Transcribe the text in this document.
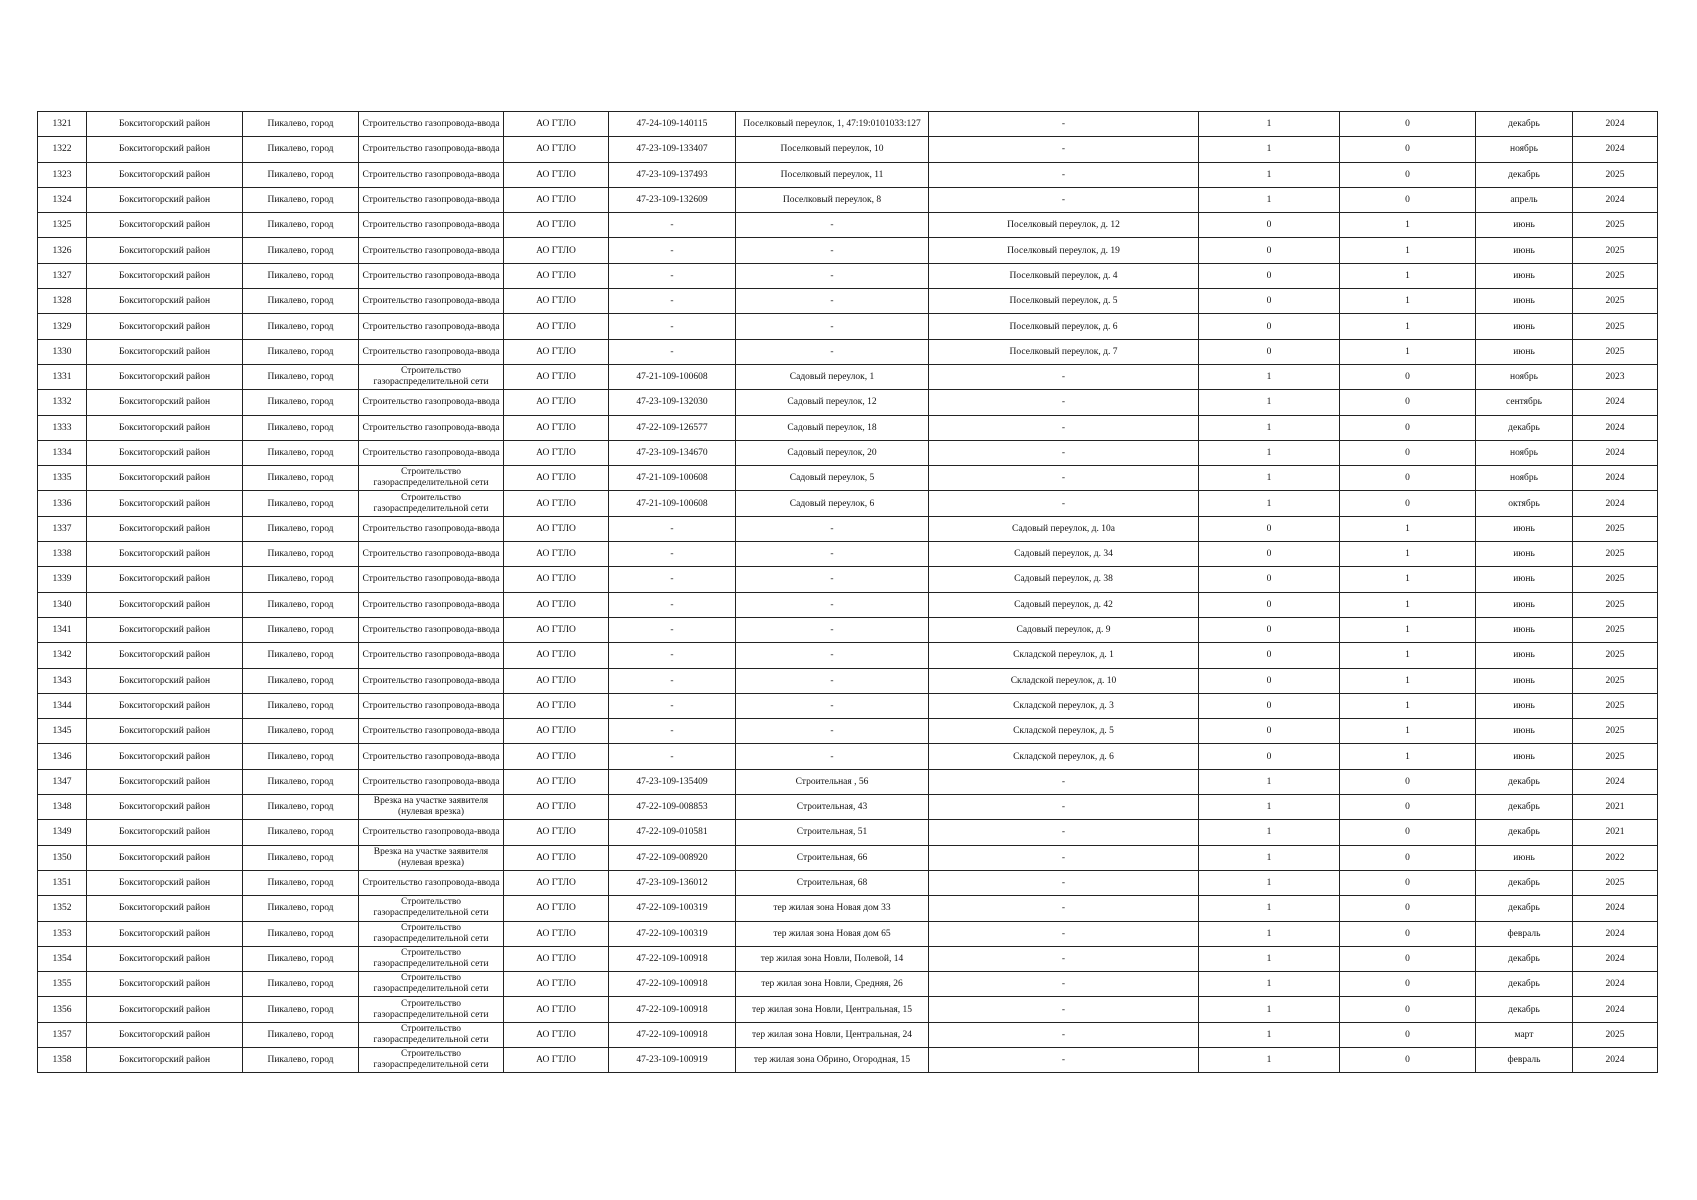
1321	Бокситогорский район	Пикалево, город	Строительство газопровода-ввода	АО ГТЛО	47-24-109-140115	Поселковый переулок, 1, 47:19:0101033:127	-	1	0	декабрь	2024
1322	Бокситогорский район	Пикалево, город	Строительство газопровода-ввода	АО ГТЛО	47-23-109-133407	Поселковый переулок, 10	-	1	0	ноябрь	2024
1323	Бокситогорский район	Пикалево, город	Строительство газопровода-ввода	АО ГТЛО	47-23-109-137493	Поселковый переулок, 11	-	1	0	декабрь	2025
1324	Бокситогорский район	Пикалево, город	Строительство газопровода-ввода	АО ГТЛО	47-23-109-132609	Поселковый переулок, 8	-	1	0	апрель	2024
1325	Бокситогорский район	Пикалево, город	Строительство газопровода-ввода	АО ГТЛО	-	-	Поселковый переулок, д. 12	0	1	июнь	2025
1326	Бокситогорский район	Пикалево, город	Строительство газопровода-ввода	АО ГТЛО	-	-	Поселковый переулок, д. 19	0	1	июнь	2025
1327	Бокситогорский район	Пикалево, город	Строительство газопровода-ввода	АО ГТЛО	-	-	Поселковый переулок, д. 4	0	1	июнь	2025
1328	Бокситогорский район	Пикалево, город	Строительство газопровода-ввода	АО ГТЛО	-	-	Поселковый переулок, д. 5	0	1	июнь	2025
1329	Бокситогорский район	Пикалево, город	Строительство газопровода-ввода	АО ГТЛО	-	-	Поселковый переулок, д. 6	0	1	июнь	2025
1330	Бокситогорский район	Пикалево, город	Строительство газопровода-ввода	АО ГТЛО	-	-	Поселковый переулок, д. 7	0	1	июнь	2025
1331	Бокситогорский район	Пикалево, город	Строительство газораспределительной сети	АО ГТЛО	47-21-109-100608	Садовый переулок, 1	-	1	0	ноябрь	2023
1332	Бокситогорский район	Пикалево, город	Строительство газопровода-ввода	АО ГТЛО	47-23-109-132030	Садовый переулок, 12	-	1	0	сентябрь	2024
1333	Бокситогорский район	Пикалево, город	Строительство газопровода-ввода	АО ГТЛО	47-22-109-126577	Садовый переулок, 18	-	1	0	декабрь	2024
1334	Бокситогорский район	Пикалево, город	Строительство газопровода-ввода	АО ГТЛО	47-23-109-134670	Садовый переулок, 20	-	1	0	ноябрь	2024
1335	Бокситогорский район	Пикалево, город	Строительство газораспределительной сети	АО ГТЛО	47-21-109-100608	Садовый переулок, 5	-	1	0	ноябрь	2024
1336	Бокситогорский район	Пикалево, город	Строительство газораспределительной сети	АО ГТЛО	47-21-109-100608	Садовый переулок, 6	-	1	0	октябрь	2024
1337	Бокситогорский район	Пикалево, город	Строительство газопровода-ввода	АО ГТЛО	-	-	Садовый переулок, д. 10а	0	1	июнь	2025
1338	Бокситогорский район	Пикалево, город	Строительство газопровода-ввода	АО ГТЛО	-	-	Садовый переулок, д. 34	0	1	июнь	2025
1339	Бокситогорский район	Пикалево, город	Строительство газопровода-ввода	АО ГТЛО	-	-	Садовый переулок, д. 38	0	1	июнь	2025
1340	Бокситогорский район	Пикалево, город	Строительство газопровода-ввода	АО ГТЛО	-	-	Садовый переулок, д. 42	0	1	июнь	2025
1341	Бокситогорский район	Пикалево, город	Строительство газопровода-ввода	АО ГТЛО	-	-	Садовый переулок, д. 9	0	1	июнь	2025
1342	Бокситогорский район	Пикалево, город	Строительство газопровода-ввода	АО ГТЛО	-	-	Складской переулок, д. 1	0	1	июнь	2025
1343	Бокситогорский район	Пикалево, город	Строительство газопровода-ввода	АО ГТЛО	-	-	Складской переулок, д. 10	0	1	июнь	2025
1344	Бокситогорский район	Пикалево, город	Строительство газопровода-ввода	АО ГТЛО	-	-	Складской переулок, д. 3	0	1	июнь	2025
1345	Бокситогорский район	Пикалево, город	Строительство газопровода-ввода	АО ГТЛО	-	-	Складской переулок, д. 5	0	1	июнь	2025
1346	Бокситогорский район	Пикалево, город	Строительство газопровода-ввода	АО ГТЛО	-	-	Складской переулок, д. 6	0	1	июнь	2025
1347	Бокситогорский район	Пикалево, город	Строительство газопровода-ввода	АО ГТЛО	47-23-109-135409	Строительная , 56	-	1	0	декабрь	2024
1348	Бокситогорский район	Пикалево, город	Врезка на участке заявителя (нулевая врезка)	АО ГТЛО	47-22-109-008853	Строительная, 43	-	1	0	декабрь	2021
1349	Бокситогорский район	Пикалево, город	Строительство газопровода-ввода	АО ГТЛО	47-22-109-010581	Строительная, 51	-	1	0	декабрь	2021
1350	Бокситогорский район	Пикалево, город	Врезка на участке заявителя (нулевая врезка)	АО ГТЛО	47-22-109-008920	Строительная, 66	-	1	0	июнь	2022
1351	Бокситогорский район	Пикалево, город	Строительство газопровода-ввода	АО ГТЛО	47-23-109-136012	Строительная, 68	-	1	0	декабрь	2025
1352	Бокситогорский район	Пикалево, город	Строительство газораспределительной сети	АО ГТЛО	47-22-109-100319	тер жилая зона Новая дом 33	-	1	0	декабрь	2024
1353	Бокситогорский район	Пикалево, город	Строительство газораспределительной сети	АО ГТЛО	47-22-109-100319	тер жилая зона Новая дом 65	-	1	0	февраль	2024
1354	Бокситогорский район	Пикалево, город	Строительство газораспределительной сети	АО ГТЛО	47-22-109-100918	тер жилая зона Новли, Полевой, 14	-	1	0	декабрь	2024
1355	Бокситогорский район	Пикалево, город	Строительство газораспределительной сети	АО ГТЛО	47-22-109-100918	тер жилая зона Новли, Средняя, 26	-	1	0	декабрь	2024
1356	Бокситогорский район	Пикалево, город	Строительство газораспределительной сети	АО ГТЛО	47-22-109-100918	тер жилая зона Новли, Центральная, 15	-	1	0	декабрь	2024
1357	Бокситогорский район	Пикалево, город	Строительство газораспределительной сети	АО ГТЛО	47-22-109-100918	тер жилая зона Новли, Центральная, 24	-	1	0	март	2025
1358	Бокситогорский район	Пикалево, город	Строительство газораспределительной сети	АО ГТЛО	47-23-109-100919	тер жилая зона Обрино, Огородная, 15	-	1	0	февраль	2024
